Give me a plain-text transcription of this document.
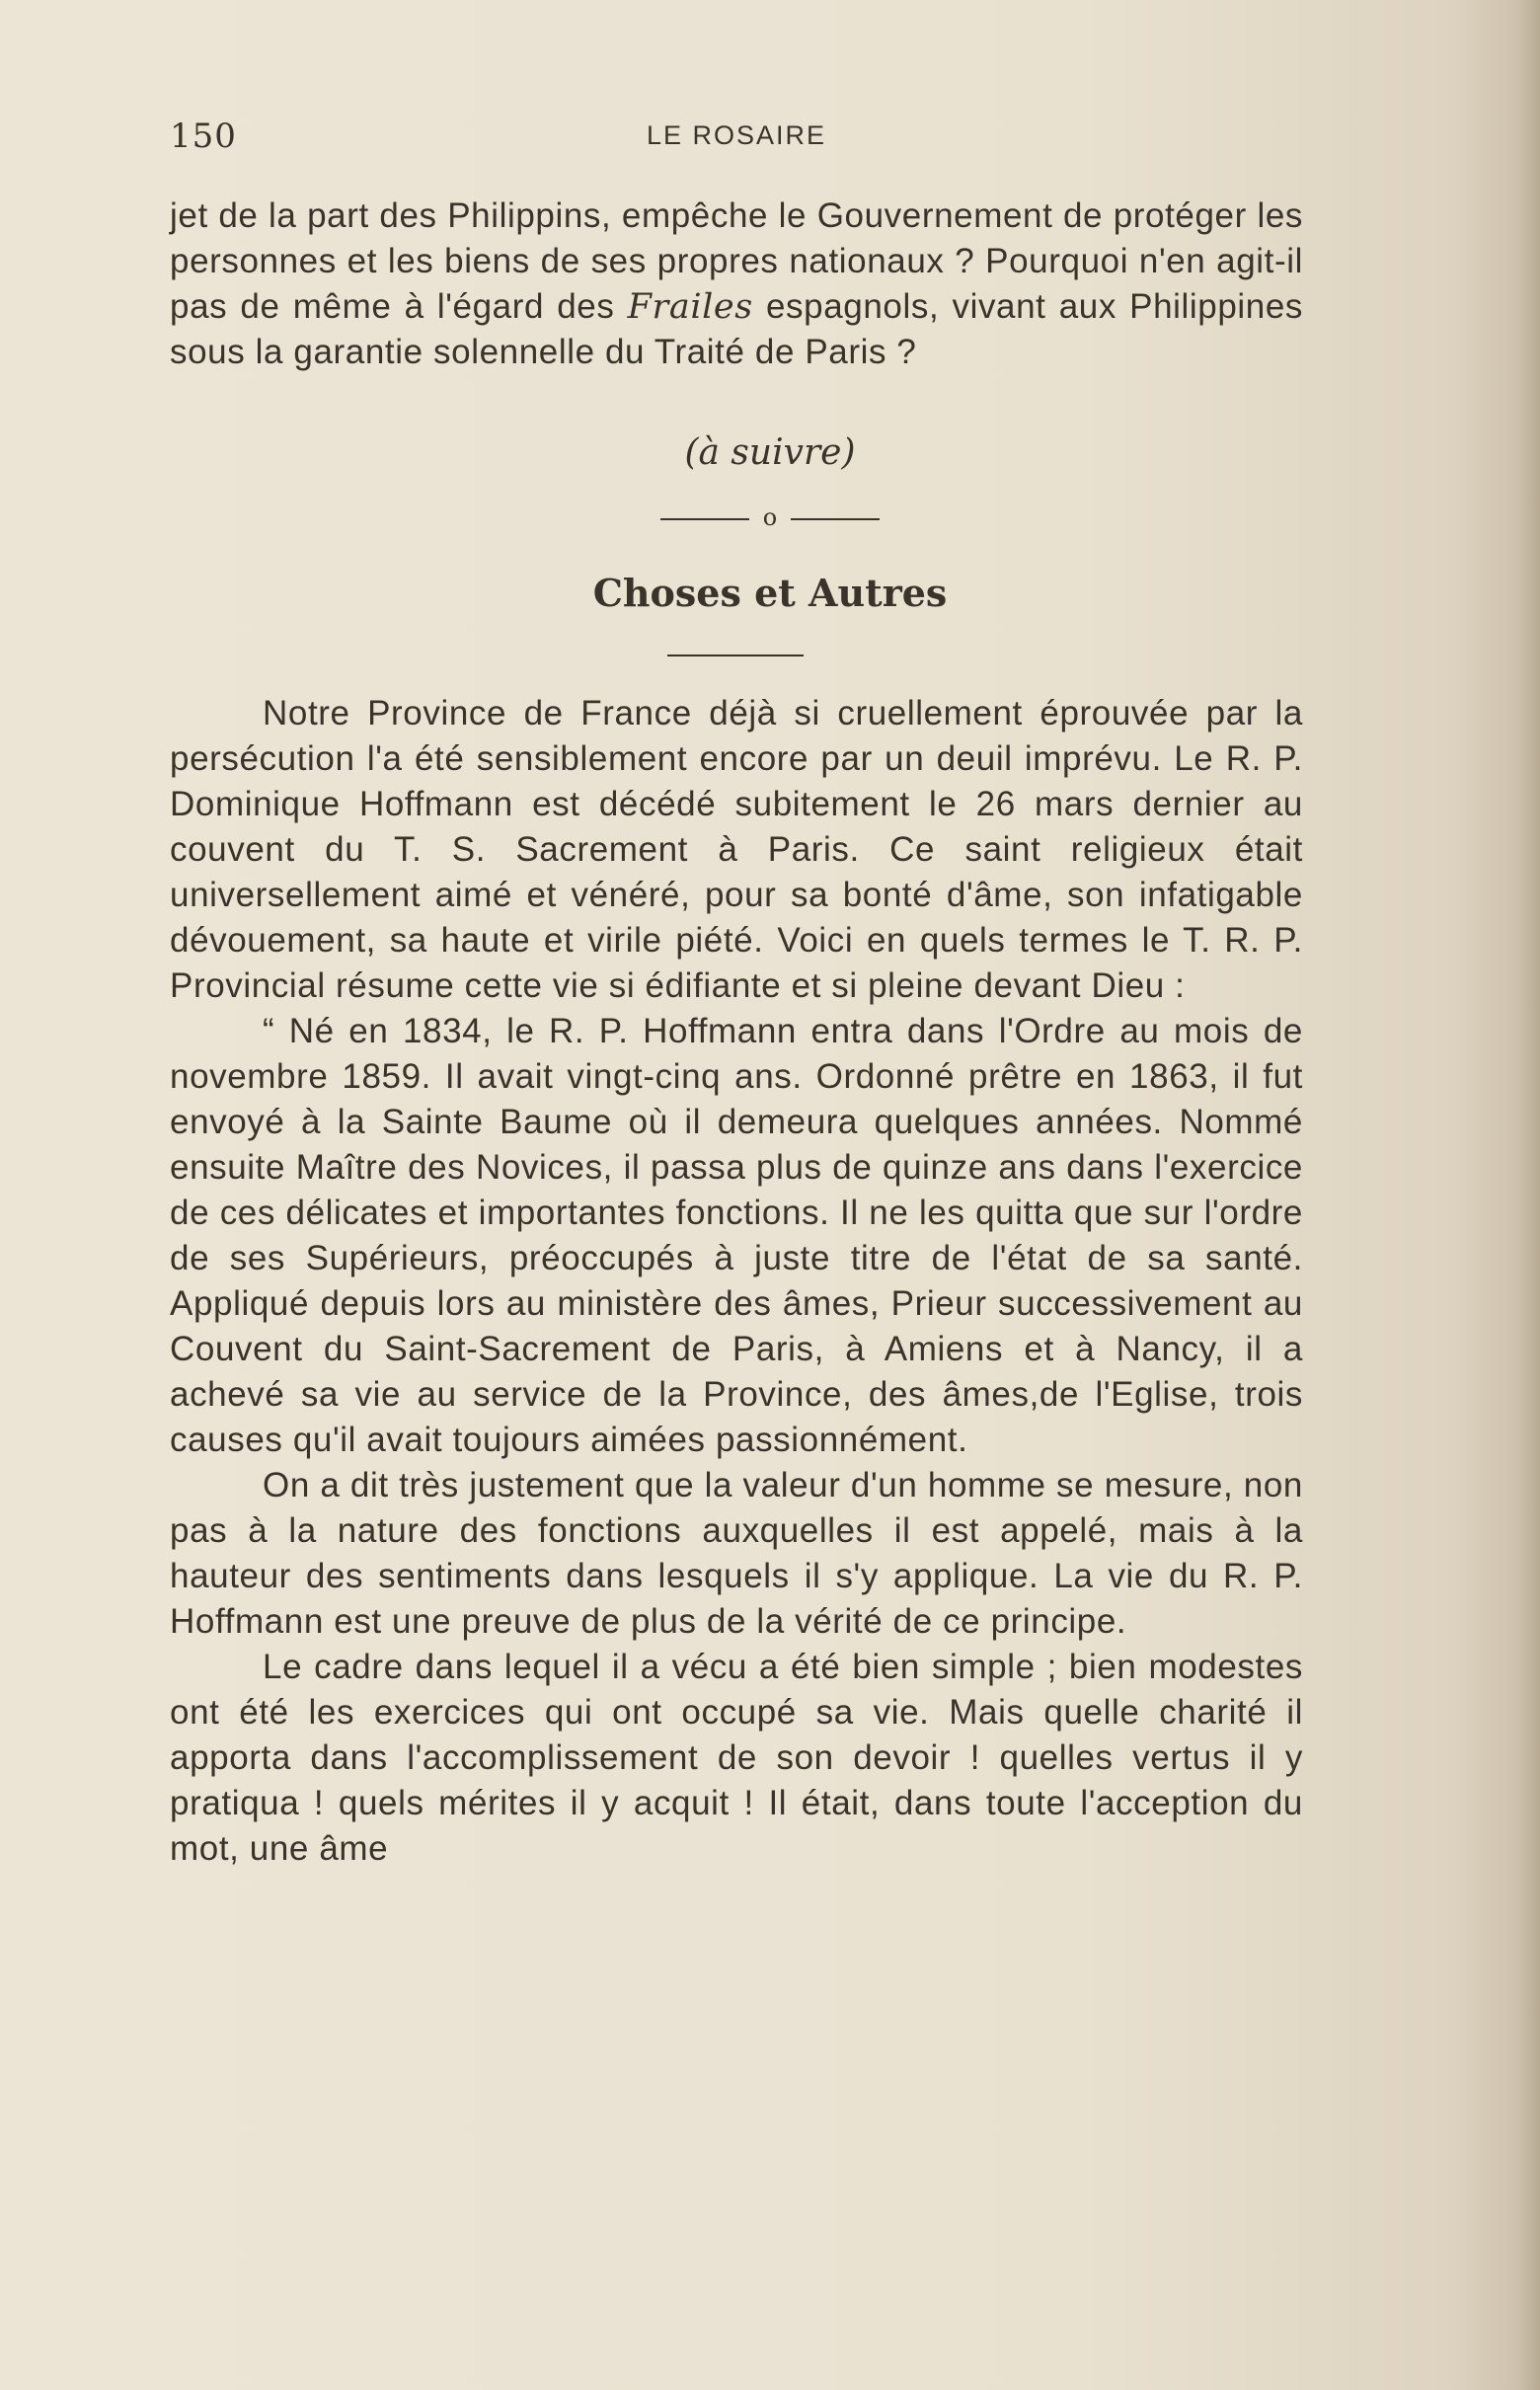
150	LE ROSAIRE

jet de la part des Philippins, empêche le Gouvernement de protéger les personnes et les biens de ses propres nationaux ? Pourquoi n'en agit-il pas de même à l'égard des Frailes espagnols, vivant aux Philippines sous la garantie solennelle du Traité de Paris ?

(à suivre)
o
Choses et Autres

Notre Province de France déjà si cruellement éprouvée par la persécution l'a été sensiblement encore par un deuil imprévu. Le R. P. Dominique Hoffmann est décédé subitement le 26 mars dernier au couvent du T. S. Sacrement à Paris. Ce saint religieux était universellement aimé et vénéré, pour sa bonté d'âme, son infatigable dévouement, sa haute et virile piété. Voici en quels termes le T. R. P. Provincial résume cette vie si édifiante et si pleine devant Dieu :

“ Né en 1834, le R. P. Hoffmann entra dans l'Ordre au mois de novembre 1859. Il avait vingt-cinq ans. Ordonné prêtre en 1863, il fut envoyé à la Sainte Baume où il demeura quelques années. Nommé ensuite Maître des Novices, il passa plus de quinze ans dans l'exercice de ces délicates et importantes fonctions. Il ne les quitta que sur l'ordre de ses Supérieurs, préoccupés à juste titre de l'état de sa santé. Appliqué depuis lors au ministère des âmes, Prieur successivement au Couvent du Saint-Sacrement de Paris, à Amiens et à Nancy, il a achevé sa vie au service de la Province, des âmes,de l'Eglise, trois causes qu'il avait toujours aimées passionnément.

On a dit très justement que la valeur d'un homme se mesure, non pas à la nature des fonctions auxquelles il est appelé, mais à la hauteur des sentiments dans lesquels il s'y applique. La vie du R. P. Hoffmann est une preuve de plus de la vérité de ce principe.

Le cadre dans lequel il a vécu a été bien simple ; bien modestes ont été les exercices qui ont occupé sa vie. Mais quelle charité il apporta dans l'accomplissement de son devoir ! quelles vertus il y pratiqua ! quels mérites il y acquit ! Il était, dans toute l'acception du mot, une âme
